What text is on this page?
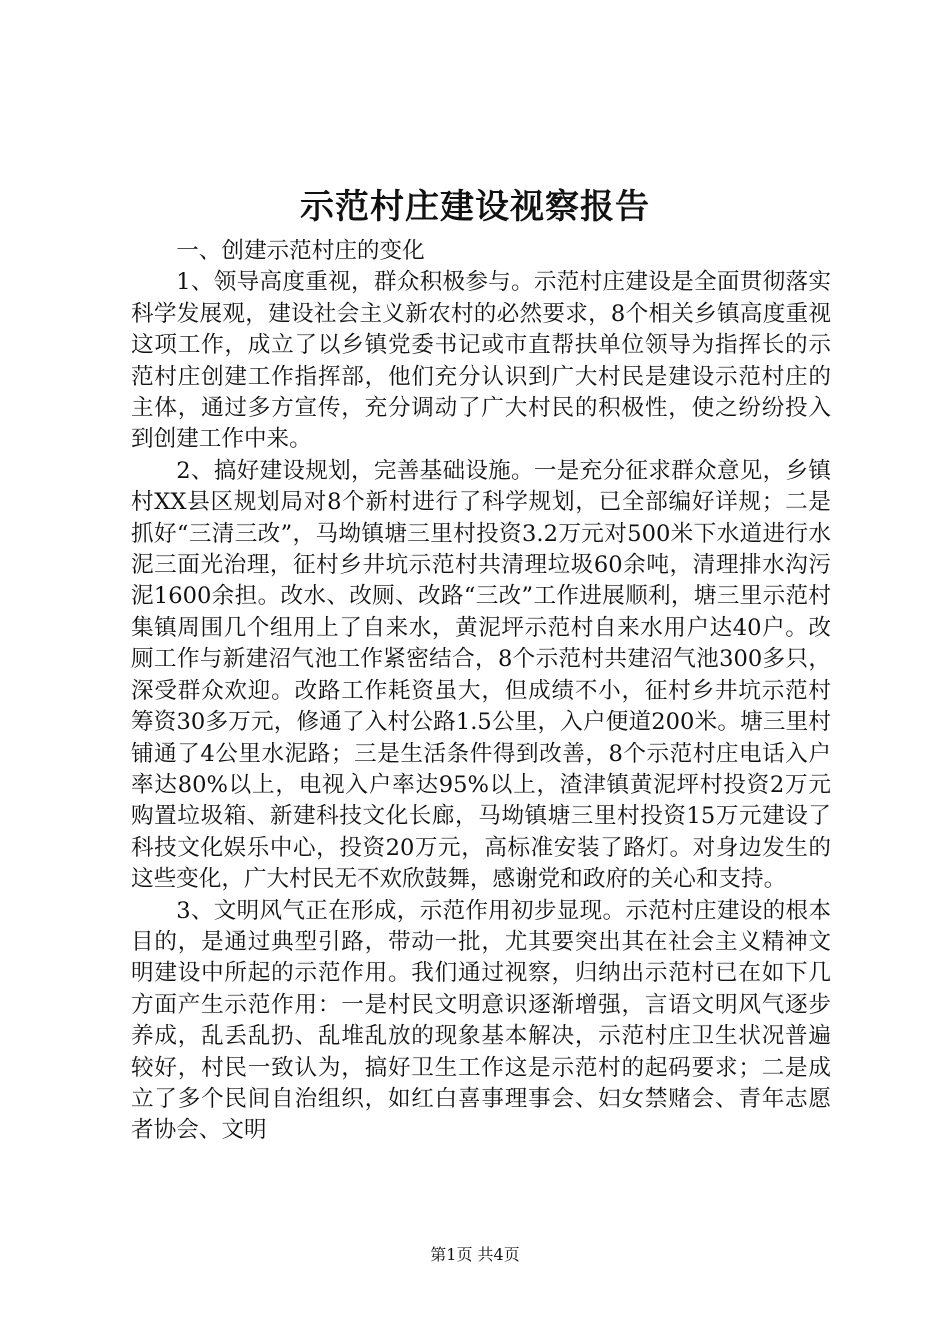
示范村庄建设视察报告

一、创建示范村庄的变化

1、领导高度重视，群众积极参与。示范村庄建设是全面贯彻落实科学发展观，建设社会主义新农村的必然要求，8个相关乡镇高度重视这项工作，成立了以乡镇党委书记或市直帮扶单位领导为指挥长的示范村庄创建工作指挥部，他们充分认识到广大村民是建设示范村庄的主体，通过多方宣传，充分调动了广大村民的积极性，使之纷纷投入到创建工作中来。

2、搞好建设规划，完善基础设施。一是充分征求群众意见，乡镇村XX县区规划局对8个新村进行了科学规划，已全部编好详规；二是抓好“三清三改”，马坳镇塘三里村投资3.2万元对500米下水道进行水泥三面光治理，征村乡井坑示范村共清理垃圾60余吨，清理排水沟污泥1600余担。改水、改厕、改路“三改”工作进展顺利，塘三里示范村集镇周围几个组用上了自来水，黄泥坪示范村自来水用户达40户。改厕工作与新建沼气池工作紧密结合，8个示范村共建沼气池300多只，深受群众欢迎。改路工作耗资虽大，但成绩不小，征村乡井坑示范村筹资30多万元，修通了入村公路1.5公里，入户便道200米。塘三里村铺通了4公里水泥路；三是生活条件得到改善，8个示范村庄电话入户率达80%以上，电视入户率达95%以上，渣津镇黄泥坪村投资2万元购置垃圾箱、新建科技文化长廊，马坳镇塘三里村投资15万元建设了科技文化娱乐中心，投资20万元，高标准安装了路灯。对身边发生的这些变化，广大村民无不欢欣鼓舞，感谢党和政府的关心和支持。

3、文明风气正在形成，示范作用初步显现。示范村庄建设的根本目的，是通过典型引路，带动一批，尤其要突出其在社会主义精神文明建设中所起的示范作用。我们通过视察，归纳出示范村已在如下几方面产生示范作用：一是村民文明意识逐渐增强，言语文明风气逐步养成，乱丢乱扔、乱堆乱放的现象基本解决，示范村庄卫生状况普遍较好，村民一致认为，搞好卫生工作这是示范村的起码要求；二是成立了多个民间自治组织，如红白喜事理事会、妇女禁赌会、青年志愿者协会、文明

第1页 共4页
